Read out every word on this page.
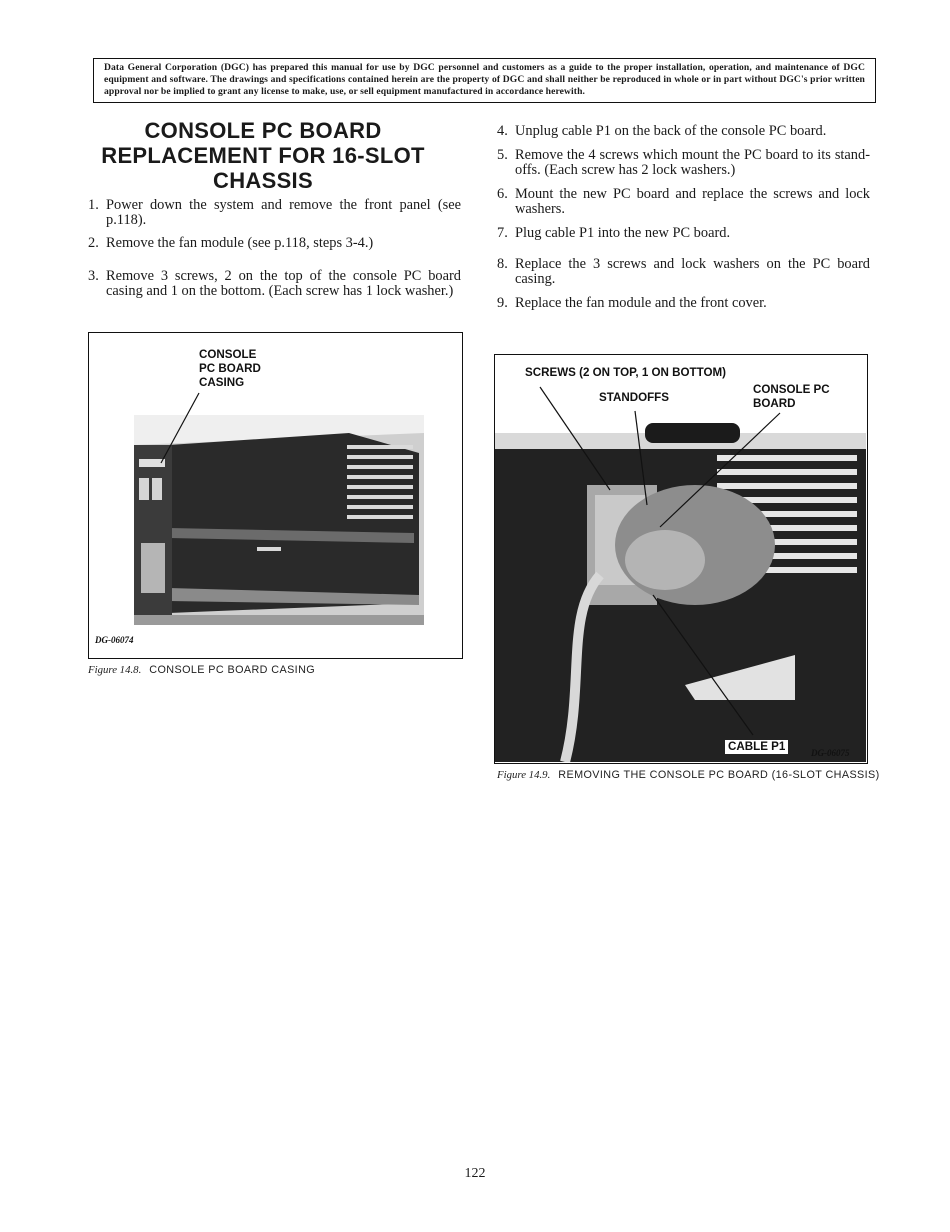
Data General Corporation (DGC) has prepared this manual for use by DGC personnel and customers as a guide to the proper installation, operation, and maintenance of DGC equipment and software. The drawings and specifications contained herein are the property of DGC and shall neither be reproduced in whole or in part without DGC's prior written approval nor be implied to grant any license to make, use, or sell equipment manufactured in accordance herewith.
CONSOLE PC BOARD
REPLACEMENT FOR 16-SLOT
CHASSIS
1. Power down the system and remove the front panel (see p.118).
2. Remove the fan module (see p.118, steps 3-4.)
3. Remove 3 screws, 2 on the top of the console PC board casing and 1 on the bottom. (Each screw has 1 lock washer.)
4. Unplug cable P1 on the back of the console PC board.
5. Remove the 4 screws which mount the PC board to its stand-offs. (Each screw has 2 lock washers.)
6. Mount the new PC board and replace the screws and lock washers.
7. Plug cable P1 into the new PC board.
8. Replace the 3 screws and lock washers on the PC board casing.
9. Replace the fan module and the front cover.
CONSOLE
PC BOARD
CASING
DG-06074
Figure 14.8. CONSOLE PC BOARD CASING
SCREWS (2 ON TOP, 1 ON BOTTOM)
STANDOFFS
CONSOLE PC
BOARD
CABLE P1	DG-06075
Figure 14.9. REMOVING THE CONSOLE PC BOARD (16-SLOT CHASSIS)
122
